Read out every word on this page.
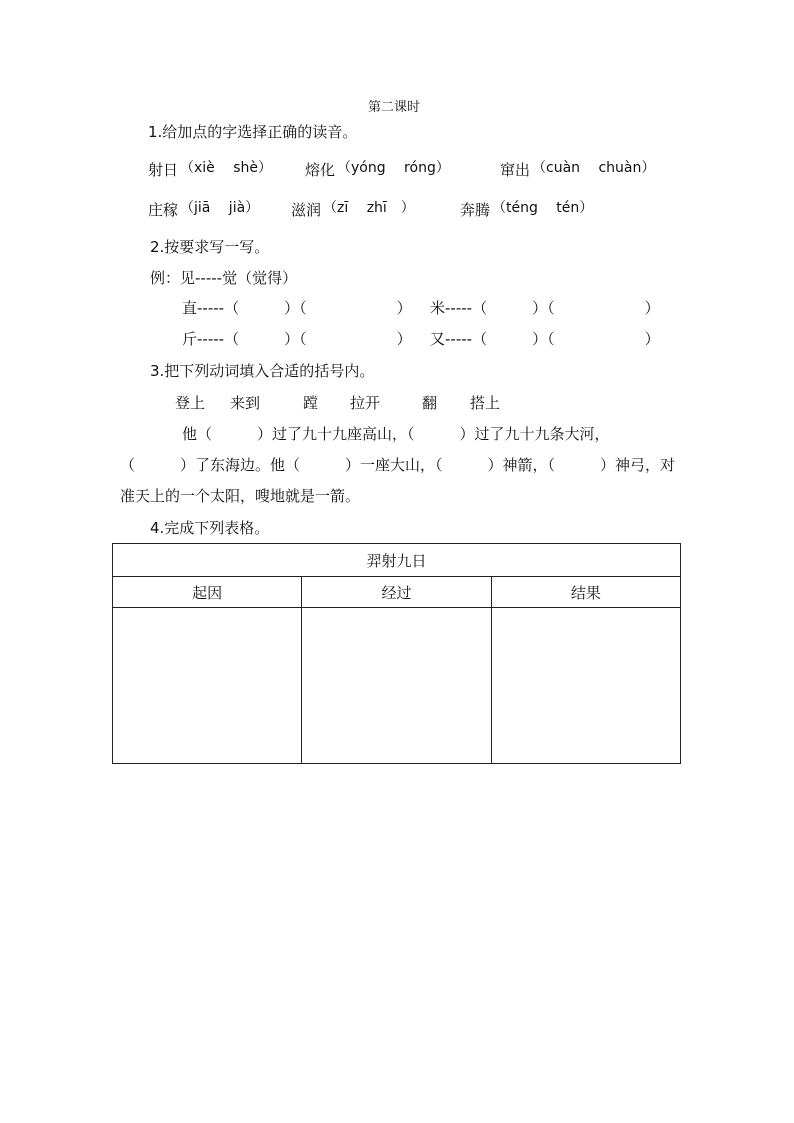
第二课时
1.给加点的字选择正确的读音。
射日 （xiè　 shè） 熔化 （yóng　 róng）	窜出 （cuàn　 chuàn）
庄稼 （jiā　 jià） 滋润 （zī　 zhī　）	奔腾 （téng　 tén）
2.按要求写一写。
例：见-----觉（觉得）
直-----（　　　）（　　　　　　） 米-----（　　　）（　　　　　　）
斤-----（　　　）（　　　　　　） 又-----（　　　）（　　　　　　）
3.把下列动词填入合适的括号内。
登上 来到	蹚 拉开	翻 搭上
他（　　　）过了九十九座高山，（　　　）过了九十九条大河，
（　　　）了东海边。他（　　　）一座大山，（　　　）神箭，（　　　）神弓，对
准天上的一个太阳，嗖地就是一箭。
4.完成下列表格。
羿射九日		
起因	经过	结果
